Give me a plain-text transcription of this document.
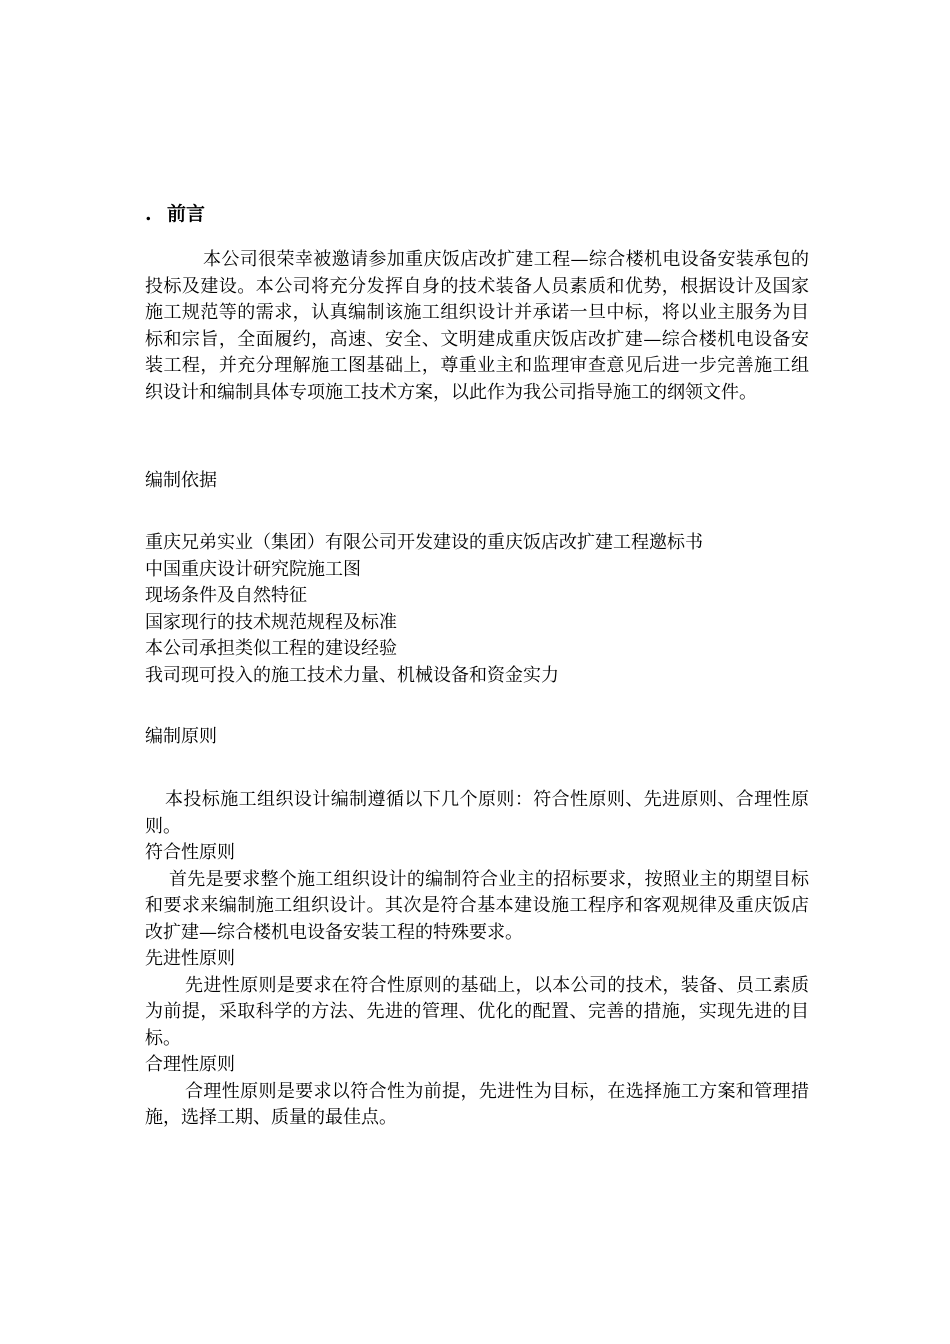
. 前言

本公司很荣幸被邀请参加重庆饭店改扩建工程—综合楼机电设备安装承包的投标及建设。本公司将充分发挥自身的技术装备人员素质和优势，根据设计及国家施工规范等的需求，认真编制该施工组织设计并承诺一旦中标，将以业主服务为目标和宗旨，全面履约，高速、安全、文明建成重庆饭店改扩建—综合楼机电设备安装工程，并充分理解施工图基础上，尊重业主和监理审查意见后进一步完善施工组织设计和编制具体专项施工技术方案，以此作为我公司指导施工的纲领文件。

编制依据

重庆兄弟实业（集团）有限公司开发建设的重庆饭店改扩建工程邀标书

中国重庆设计研究院施工图

现场条件及自然特征

国家现行的技术规范规程及标准

本公司承担类似工程的建设经验

我司现可投入的施工技术力量、机械设备和资金实力

编制原则

本投标施工组织设计编制遵循以下几个原则：符合性原则、先进原则、合理性原则。

符合性原则

首先是要求整个施工组织设计的编制符合业主的招标要求，按照业主的期望目标和要求来编制施工组织设计。其次是符合基本建设施工程序和客观规律及重庆饭店改扩建—综合楼机电设备安装工程的特殊要求。

先进性原则

先进性原则是要求在符合性原则的基础上，以本公司的技术，装备、员工素质为前提，采取科学的方法、先进的管理、优化的配置、完善的措施，实现先进的目标。

合理性原则

合理性原则是要求以符合性为前提，先进性为目标，在选择施工方案和管理措施，选择工期、质量的最佳点。
